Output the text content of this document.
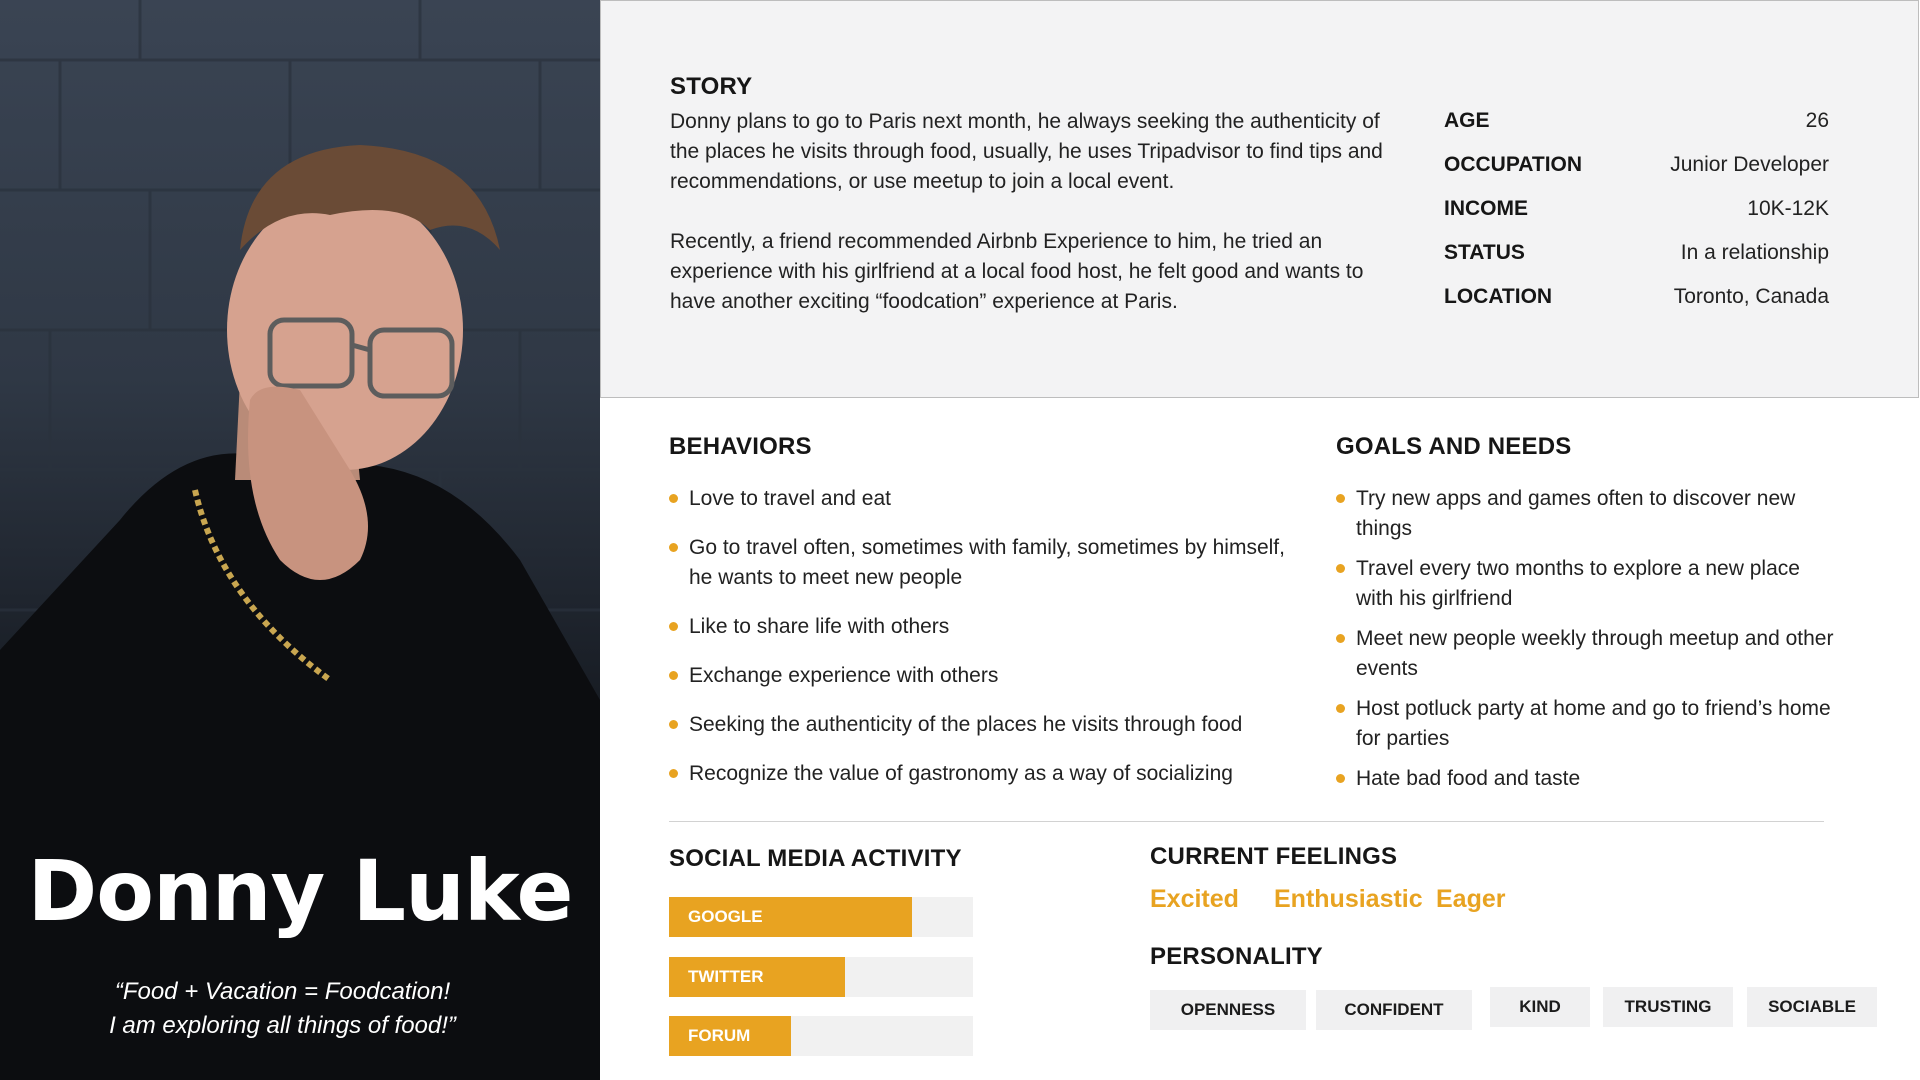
Donny Luke
“Food + Vacation = Foodcation!
I am exploring all things of food!”
STORY

Donny plans to go to Paris next month, he always seeking the authenticity of the places he visits through food, usually, he uses Tripadvisor to find tips and recommendations, or use meetup to join a local event.

Recently, a friend recommended Airbnb Experience to him, he tried an experience with his girlfriend at a local food host, he felt good and wants to have another exciting “foodcation” experience at Paris.

AGE	26
OCCUPATION	Junior Developer
INCOME	10K-12K
STATUS	In a relationship
LOCATION	Toronto, Canada
BEHAVIORS
Love to travel and eat
Go to travel often, sometimes with family, sometimes by himself, he wants to meet new people
Like to share life with others
Exchange experience with others
Seeking the authenticity of the places he visits through food
Recognize the value of gastronomy as a way of socializing
GOALS AND NEEDS
Try new apps and games often to discover new things
Travel every two months to explore a new place with his girlfriend
Meet new people weekly through meetup and other events
Host potluck party at home and go to friend’s home for parties
Hate bad food and taste
SOCIAL MEDIA ACTIVITY
GOOGLE
TWITTER
FORUM
CURRENT FEELINGS
Excited Enthusiastic Eager
PERSONALITY
OPENNESS	CONFIDENT	KIND	TRUSTING	SOCIABLE
